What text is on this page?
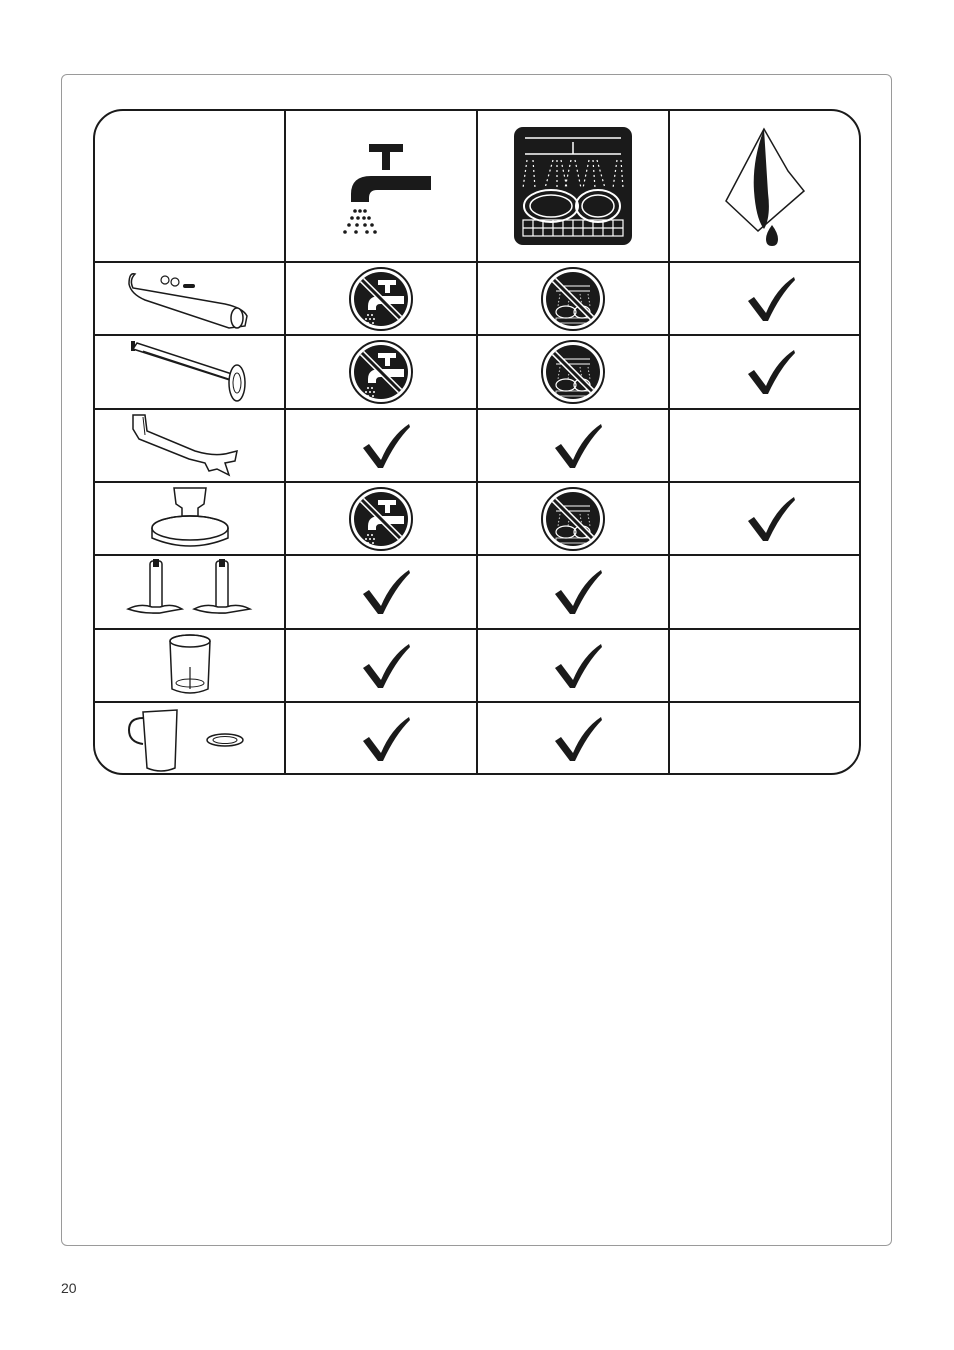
20
